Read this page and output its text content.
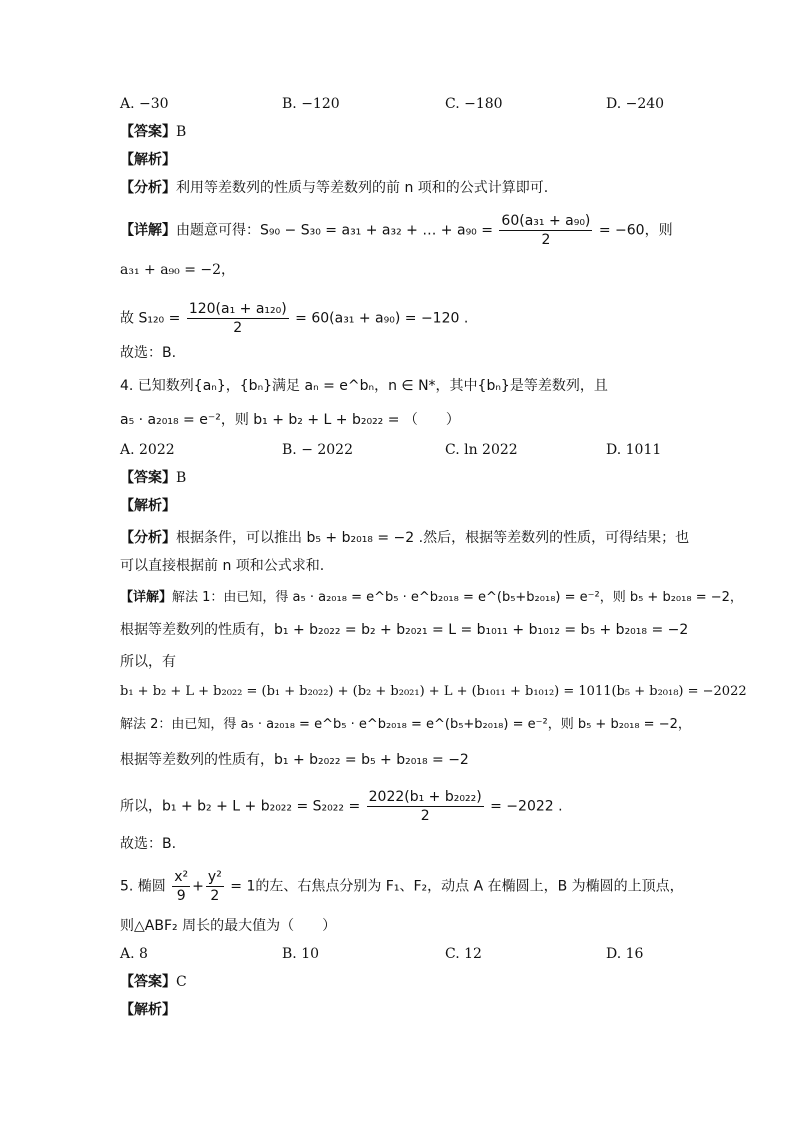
A. −30	B. −120	C. −180	D. −240
【答案】B
【解析】
【分析】利用等差数列的性质与等差数列的前 n 项和的公式计算即可.
【详解】由题意可得：S₉₀ − S₃₀ = a₃₁ + a₃₂ + … + $a_{90} = \frac{\text{60(a₃₁ + a₉₀)}}{2} = -60$，则
a₃₁ + a₉₀ = −2，
故 $S_{120} = \frac{\text{120(a₁ + a₁₂₀)}}{2} = 60(a_{31} + a_{90}) = -120$ .
故选：B.
4. 已知数列{aₙ}，{bₙ}满足 aₙ = e^bₙ，n ∈ N*，其中{bₙ}是等差数列，且
a₅ · a₂₀₁₈ = e⁻²，则 b₁ + b₂ + L + b₂₀₂₂ = （　　）
A. 2022	B. − 2022	C. ln 2022	D. 1011
【答案】B
【解析】
【分析】根据条件，可以推出 b₅ + b₂₀₁₈ = −2 .然后，根据等差数列的性质，可得结果；也
可以直接根据前 n 项和公式求和.
【详解】解法 1：由已知，得 a₅ · a₂₀₁₈ = e^b₅ · e^b₂₀₁₈ = e^(b₅+b₂₀₁₈) = e⁻²，则 b₅ + b₂₀₁₈ = −2，
根据等差数列的性质有，b₁ + b₂₀₂₂ = b₂ + b₂₀₂₁ = L = b₁₀₁₁ + b₁₀₁₂ = b₅ + b₂₀₁₈ = −2
所以，有
b₁ + b₂ + L + b₂₀₂₂ = (b₁ + b₂₀₂₂) + (b₂ + b₂₀₂₁) + L + (b₁₀₁₁ + b₁₀₁₂) = 1011(b₅ + b₂₀₁₈) = −2022
解法 2：由已知，得 a₅ · a₂₀₁₈ = e^b₅ · e^b₂₀₁₈ = e^(b₅+b₂₀₁₈) = e⁻²，则 b₅ + b₂₀₁₈ = −2，
根据等差数列的性质有，b₁ + b₂₀₂₂ = b₅ + b₂₀₁₈ = −2
所以，$b_1 + b_2 + L + b_{2022} = S_{2022} = \frac{\text{2022(b₁ + b₂₀₂₂)}}{2} = -2022$ .
故选：B.
5. 椭圆 $\frac{\text{x²}}{9} + \frac{\text{y²}}{2} = 1$的左、右焦点分别为 F₁、F₂，动点 A 在椭圆上，B 为椭圆的上顶点，
则△ABF₂ 周长的最大值为（　　）
A. 8	B. 10	C. 12	D. 16
【答案】C
【解析】
